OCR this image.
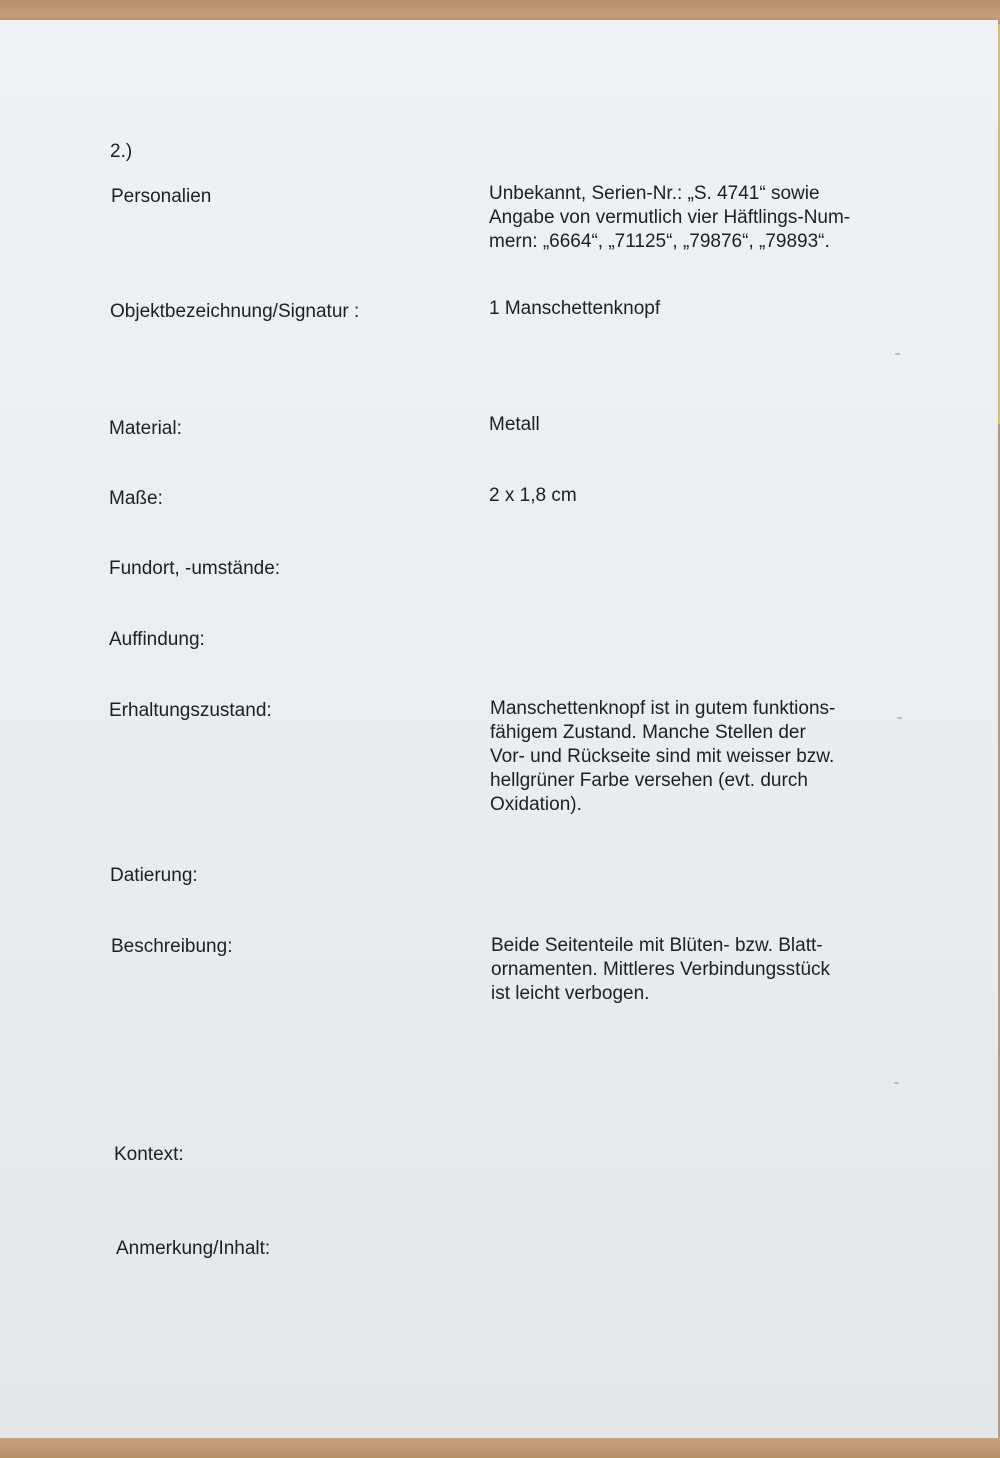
2.)

Personalien	Unbekannt, Serien-Nr.: „S. 4741“ sowie
Angabe von vermutlich vier Häftlings-Num-
mern: „6664“, „71125“, „79876“, „79893“.

Objektbezeichnung/Signatur :	1 Manschettenknopf

Material:	Metall

Maße:	2 x 1,8 cm

Fundort, -umstände:

Auffindung:

Erhaltungszustand:	Manschettenknopf ist in gutem funktions-
fähigem Zustand. Manche Stellen der
Vor- und Rückseite sind mit weisser bzw.
hellgrüner Farbe versehen (evt. durch
Oxidation).

Datierung:

Beschreibung:	Beide Seitenteile mit Blüten- bzw. Blatt-
ornamenten. Mittleres Verbindungsstück
ist leicht verbogen.

Kontext:

Anmerkung/Inhalt:
